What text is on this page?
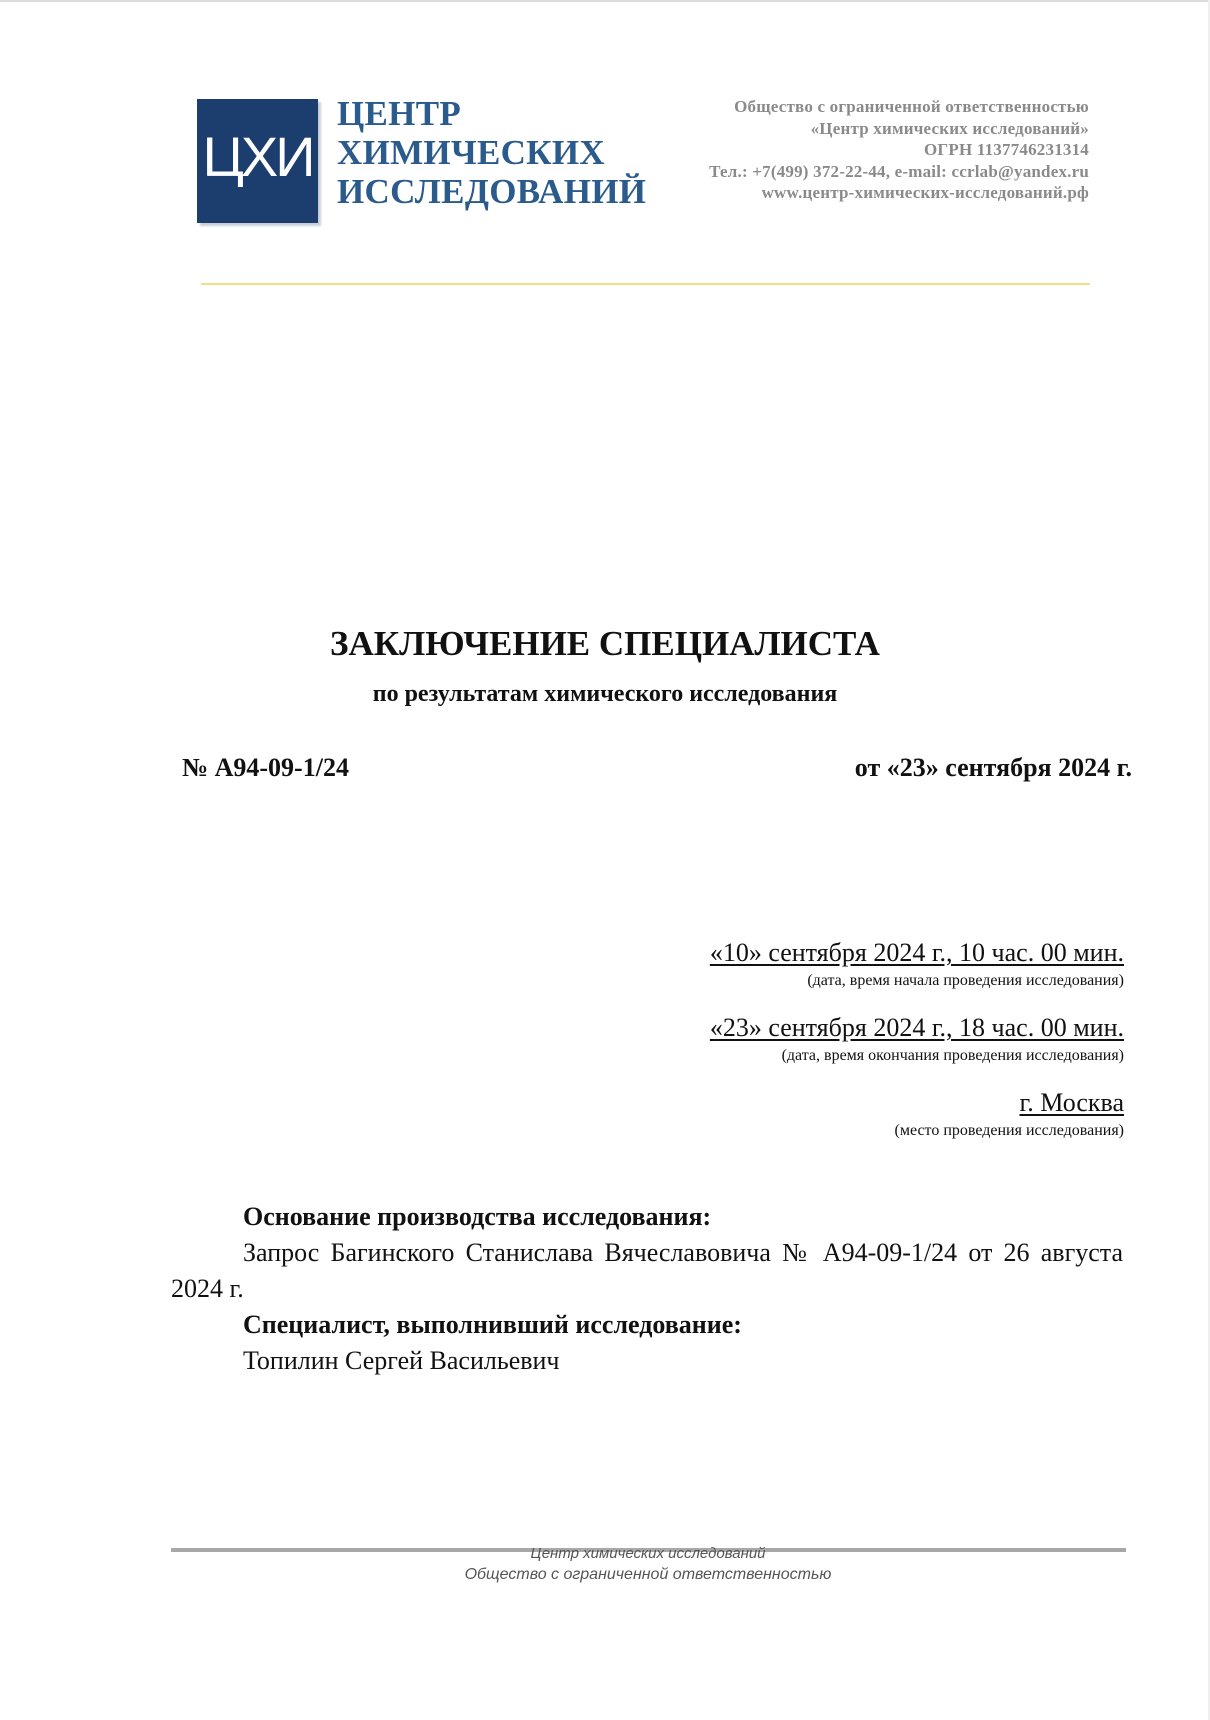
ЦХИ
ЦЕНТР
ХИМИЧЕСКИХ
ИССЛЕДОВАНИЙ
Общество с ограниченной ответственностью
«Центр химических исследований»
ОГРН 1137746231314
Тел.: +7(499) 372-22-44, e-mail: ccrlab@yandex.ru
www.центр-химических-исследований.рф
ЗАКЛЮЧЕНИЕ СПЕЦИАЛИСТА
по результатам химического исследования
№ А94-09-1/24	от «23» сентября 2024 г.
«10» сентября 2024 г., 10 час. 00 мин.
(дата, время начала проведения исследования)
«23» сентября 2024 г., 18 час. 00 мин.
(дата, время окончания проведения исследования)
г. Москва
(место проведения исследования)
Основание производства исследования:
Запрос Багинского Станислава Вячеславовича № А94-09-1/24 от 26 августа 2024 г.
Специалист, выполнивший исследование:
Топилин Сергей Васильевич
Центр химических исследований
Общество с ограниченной ответственностью
